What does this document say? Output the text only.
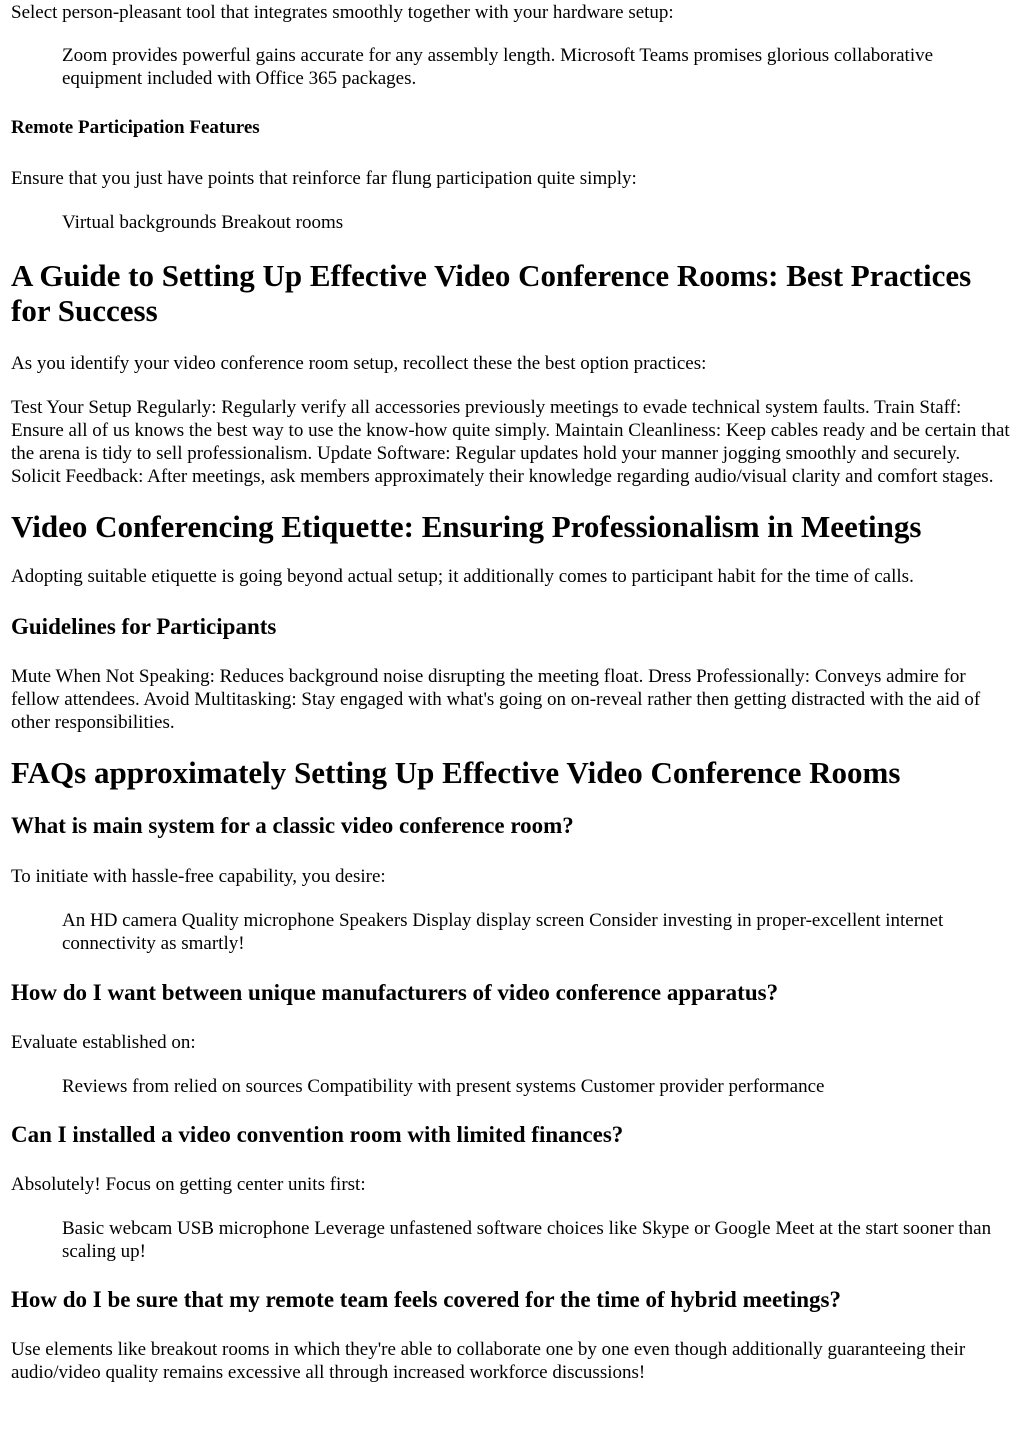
Select person-pleasant tool that integrates smoothly together with your hardware setup:

Zoom provides powerful gains accurate for any assembly length. Microsoft Teams promises glorious collaborative equipment included with Office 365 packages.
Remote Participation Features

Ensure that you just have points that reinforce far flung participation quite simply:

Virtual backgrounds Breakout rooms
A Guide to Setting Up Effective Video Conference Rooms: Best Practices for Success

As you identify your video conference room setup, recollect these the best option practices:

Test Your Setup Regularly: Regularly verify all accessories previously meetings to evade technical system faults. Train Staff: Ensure all of us knows the best way to use the know-how quite simply. Maintain Cleanliness: Keep cables ready and be certain that the arena is tidy to sell professionalism. Update Software: Regular updates hold your manner jogging smoothly and securely. Solicit Feedback: After meetings, ask members approximately their knowledge regarding audio/visual clarity and comfort stages.

Video Conferencing Etiquette: Ensuring Professionalism in Meetings

Adopting suitable etiquette is going beyond actual setup; it additionally comes to participant habit for the time of calls.

Guidelines for Participants

Mute When Not Speaking: Reduces background noise disrupting the meeting float. Dress Professionally: Conveys admire for fellow attendees. Avoid Multitasking: Stay engaged with what's going on on-reveal rather then getting distracted with the aid of other responsibilities.

FAQs approximately Setting Up Effective Video Conference Rooms
What is main system for a classic video conference room?

To initiate with hassle-free capability, you desire:

An HD camera Quality microphone Speakers Display display screen Consider investing in proper-excellent internet connectivity as smartly!
How do I want between unique manufacturers of video conference apparatus?

Evaluate established on:

Reviews from relied on sources Compatibility with present systems Customer provider performance
Can I installed a video convention room with limited finances?

Absolutely! Focus on getting center units first:

Basic webcam USB microphone Leverage unfastened software choices like Skype or Google Meet at the start sooner than scaling up!
How do I be sure that my remote team feels covered for the time of hybrid meetings?

Use elements like breakout rooms in which they're able to collaborate one by one even though additionally guaranteeing their audio/video quality remains excessive all through increased workforce discussions!
